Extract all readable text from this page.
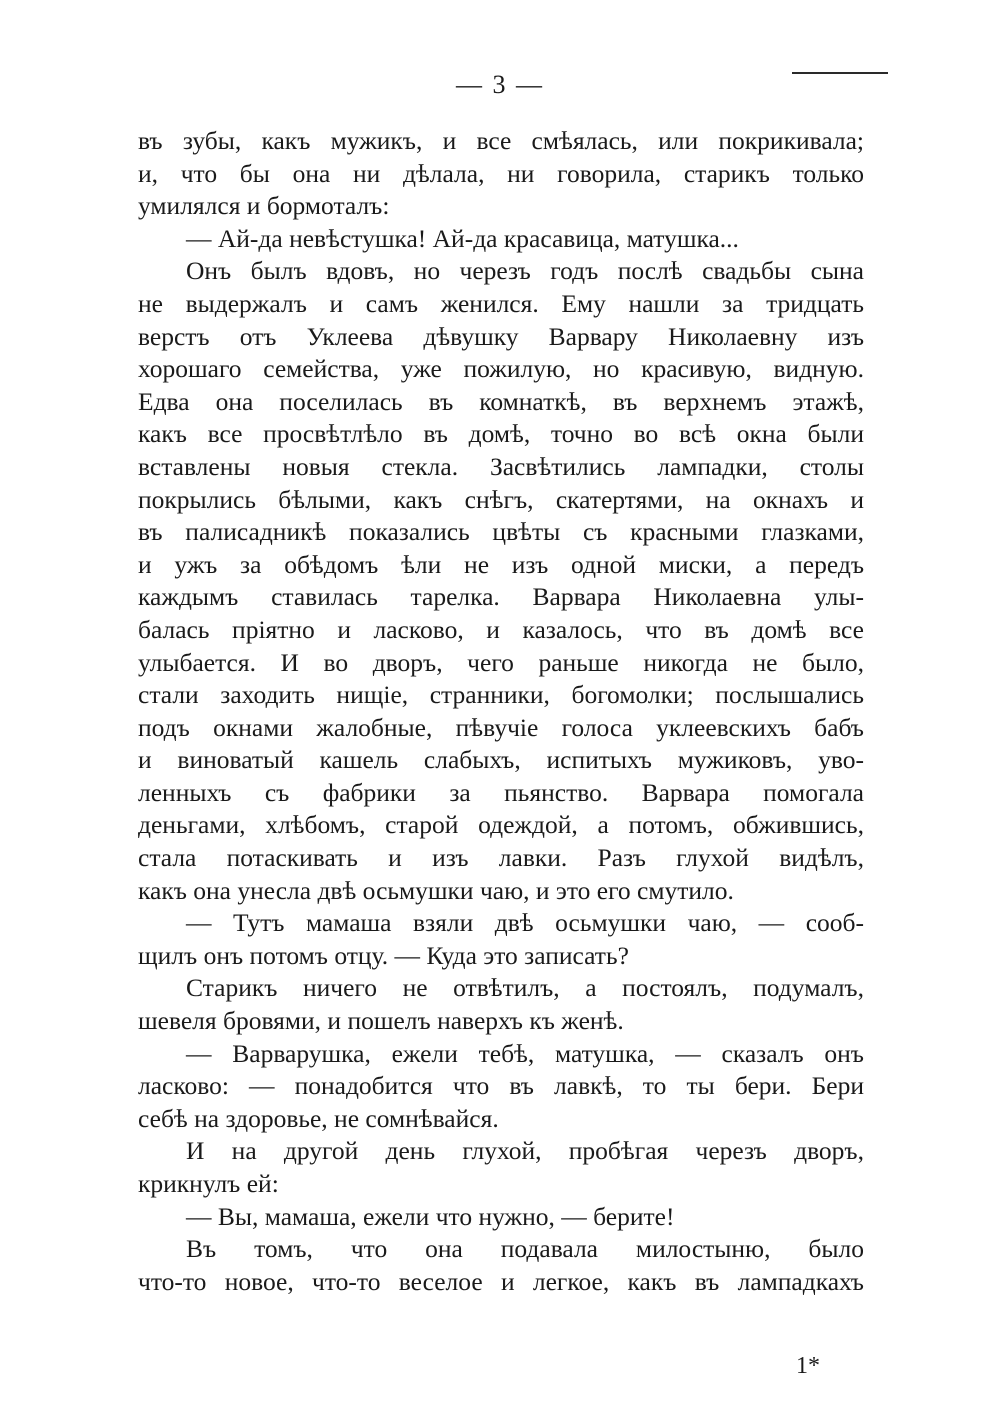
— 3 —
въ зубы, какъ мужикъ, и все смѣялась, или покрикивала;
и, что бы она ни дѣлала, ни говорила, старикъ только
умилялся и бормоталъ:
— Ай-да невѣстушка! Ай-да красавица, матушка...
Онъ былъ вдовъ, но черезъ годъ послѣ свадьбы сына
не выдержалъ и самъ женился. Ему нашли за тридцать
верстъ отъ Уклеева дѣвушку Варвару Николаевну изъ
хорошаго семейства, уже пожилую, но красивую, видную.
Едва она поселилась въ комнаткѣ, въ верхнемъ этажѣ,
какъ все просвѣтлѣло въ домѣ, точно во всѣ окна были
вставлены новыя стекла. Засвѣтились лампадки, столы
покрылись бѣлыми, какъ снѣгъ, скатертями, на окнахъ и
въ палисадникѣ показались цвѣты съ красными глазками,
и ужъ за обѣдомъ ѣли не изъ одной миски, а передъ
каждымъ ставилась тарелка. Варвара Николаевна улы-
балась пріятно и ласково, и казалось, что въ домѣ все
улыбается. И во дворъ, чего раньше никогда не было,
стали заходить нищіе, странники, богомолки; послышались
подъ окнами жалобные, пѣвучіе голоса уклеевскихъ бабъ
и виноватый кашель слабыхъ, испитыхъ мужиковъ, уво-
ленныхъ съ фабрики за пьянство. Варвара помогала
деньгами, хлѣбомъ, старой одеждой, а потомъ, обжившись,
стала потаскивать и изъ лавки. Разъ глухой видѣлъ,
какъ она унесла двѣ осьмушки чаю, и это его смутило.
— Тутъ мамаша взяли двѣ осьмушки чаю, — сооб-
щилъ онъ потомъ отцу. — Куда это записать?
Старикъ ничего не отвѣтилъ, а постоялъ, подумалъ,
шевеля бровями, и пошелъ наверхъ къ женѣ.
— Варварушка, ежели тебѣ, матушка, — сказалъ онъ
ласково: — понадобится что въ лавкѣ, то ты бери. Бери
себѣ на здоровье, не сомнѣвайся.
И на другой день глухой, пробѣгая черезъ дворъ,
крикнулъ ей:
— Вы, мамаша, ежели что нужно, — берите!
Въ томъ, что она подавала милостыню, было
что-то новое, что-то веселое и легкое, какъ въ лампадкахъ
1*
